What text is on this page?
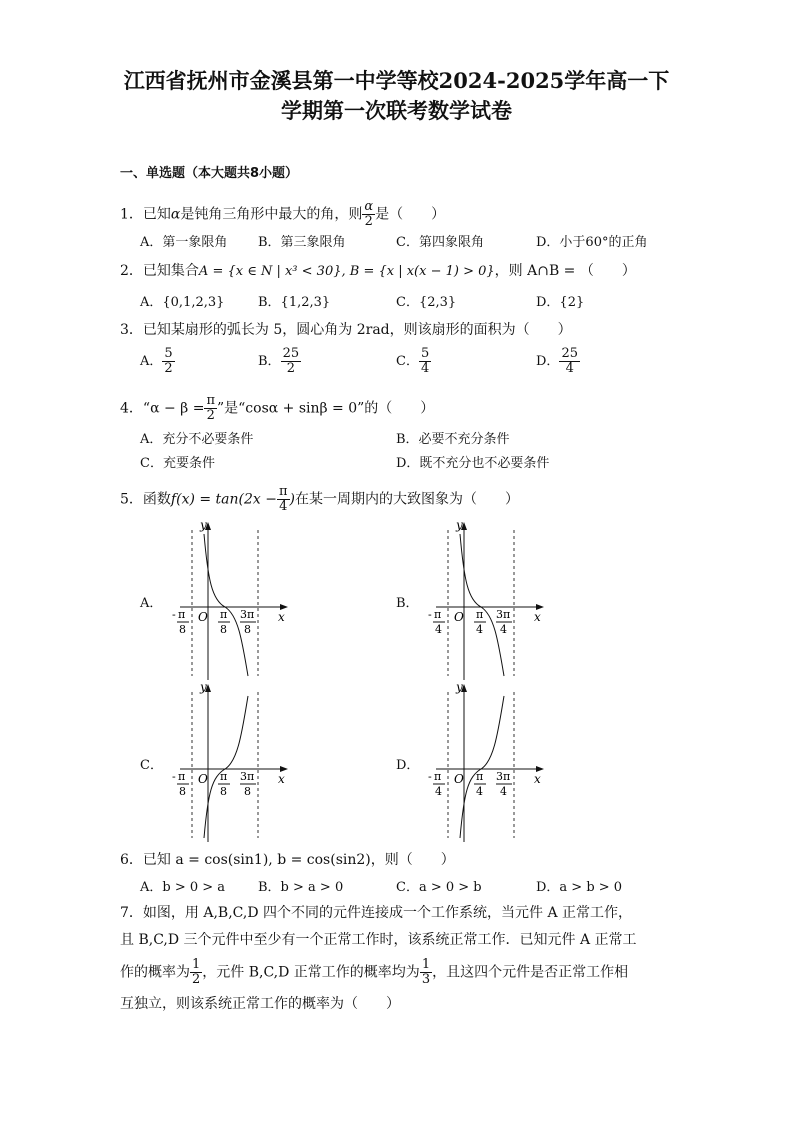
江西省抚州市金溪县第一中学等校2024-2025学年高一下
学期第一次联考数学试卷
一、单选题（本大题共8小题）
1．已知α是钝角三角形中最大的角，则 $\frac{\alpha}{2}$ 是（　　）
A．第一象限角 B．第三象限角	C．第四象限角	D．小于60°的正角
2．已知集合A = {x ∈ N | x³ < 30}, B = {x | x(x − 1) > 0}，则 A∩B = （　　）
A．{0,1,2,3}	B．{1,2,3}	C．{2,3}	D．{2}
3．已知某扇形的弧长为 5，圆心角为 2rad，则该扇形的面积为（　　）
A． $\frac{5}{2}$	B． $\frac{25}{2}$	C． $\frac{5}{4}$	D． $\frac{25}{4}$
4．“$\alpha - \beta = \frac{\pi}{2}$ ”是“cosα + sinβ = 0”的（　　）
A．充分不必要条件	B．必要不充分条件
C．充要条件	D．既不充分也不必要条件
5．函数$f(x) = \tan(2x - \frac{\pi}{4}$ )在某一周期内的大致图象为（　　）
A．	B．
C．	D．
y
x
O
- π
8
π
8
3π
8
y
x
O
- π
4
π
4
3π
4
y
x
O
- π
8
π
8
3π
8
y
x
O
- π
4
π
4
3π
4
6．已知 a = cos(sin1), b = cos(sin2)，则（　　）
A．b > 0 > a	B．b > a > 0	C．a > 0 > b	D．a > b > 0
7．如图，用 A,B,C,D 四个不同的元件连接成一个工作系统，当元件 A 正常工作，
且 B,C,D 三个元件中至少有一个正常工作时，该系统正常工作．已知元件 A 正常工
作的概率为 $\frac{1}{2}$ ，元件 B,C,D 正常工作的概率均为 $\frac{1}{3}$ ，且这四个元件是否正常工作相
互独立，则该系统正常工作的概率为（　　）
